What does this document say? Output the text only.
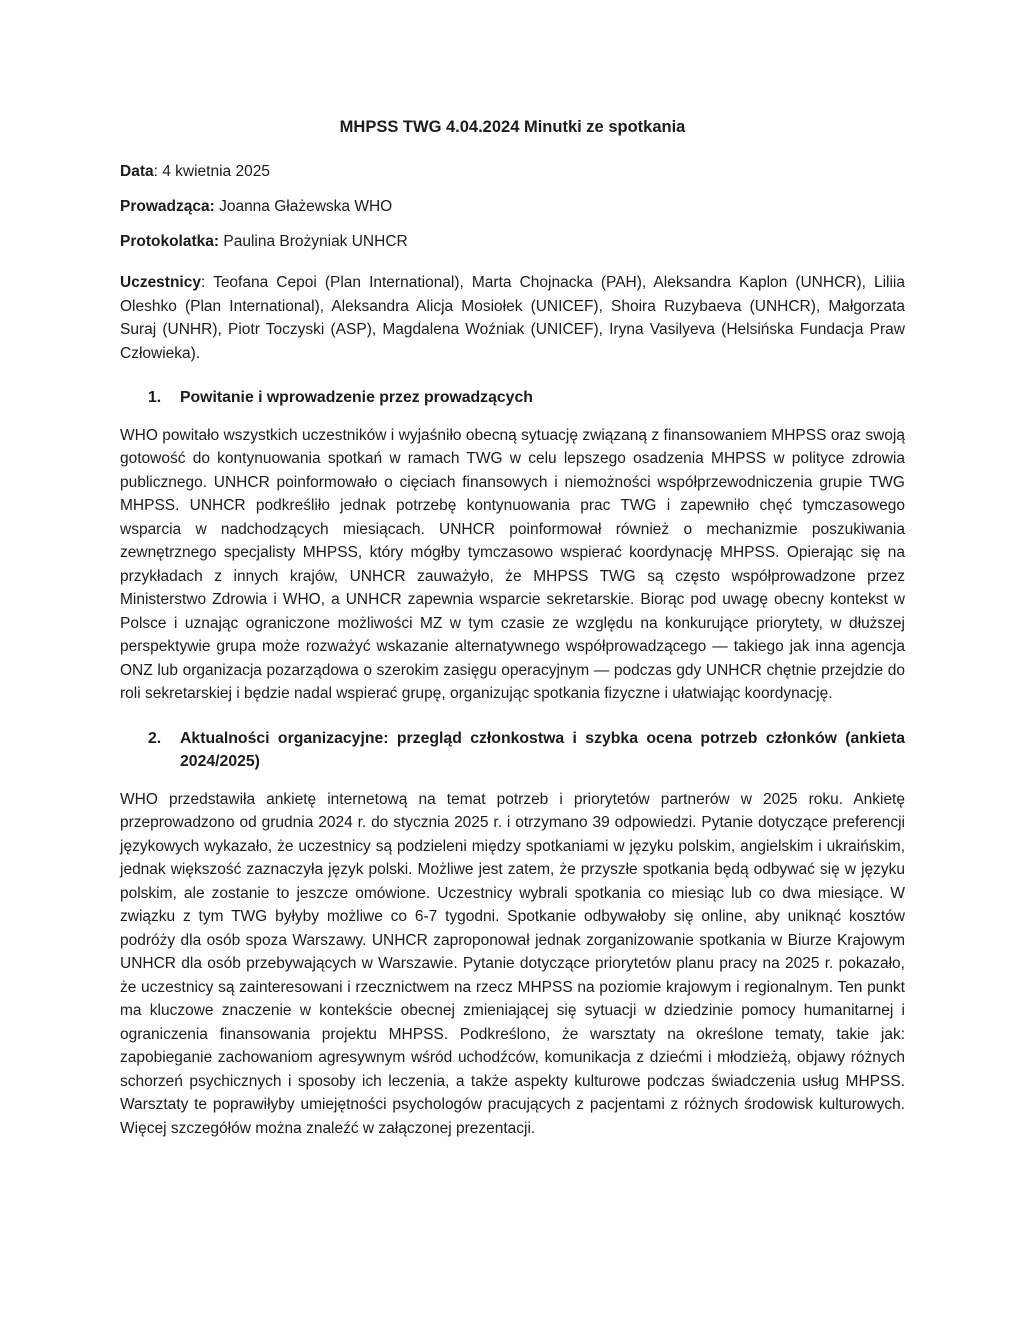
MHPSS TWG 4.04.2024 Minutki ze spotkania

Data: 4 kwietnia 2025

Prowadząca: Joanna Głażewska WHO

Protokolatka: Paulina Brożyniak UNHCR

Uczestnicy: Teofana Cepoi (Plan International), Marta Chojnacka (PAH), Aleksandra Kaplon (UNHCR), Liliia Oleshko (Plan International), Aleksandra Alicja Mosiołek (UNICEF), Shoira Ruzybaeva (UNHCR), Małgorzata Suraj (UNHR), Piotr Toczyski (ASP), Magdalena Woźniak (UNICEF), Iryna Vasilyeva (Helsińska Fundacja Praw Człowieka).

1.	Powitanie i wprowadzenie przez prowadzących

WHO powitało wszystkich uczestników i wyjaśniło obecną sytuację związaną z finansowaniem MHPSS oraz swoją gotowość do kontynuowania spotkań w ramach TWG w celu lepszego osadzenia MHPSS w polityce zdrowia publicznego. UNHCR poinformowało o cięciach finansowych i niemożności współprzewodniczenia grupie TWG MHPSS. UNHCR podkreśliło jednak potrzebę kontynuowania prac TWG i zapewniło chęć tymczasowego wsparcia w nadchodzących miesiącach. UNHCR poinformował również o mechanizmie poszukiwania zewnętrznego specjalisty MHPSS, który mógłby tymczasowo wspierać koordynację MHPSS. Opierając się na przykładach z innych krajów, UNHCR zauważyło, że MHPSS TWG są często współprowadzone przez Ministerstwo Zdrowia i WHO, a UNHCR zapewnia wsparcie sekretarskie. Biorąc pod uwagę obecny kontekst w Polsce i uznając ograniczone możliwości MZ w tym czasie ze względu na konkurujące priorytety, w dłuższej perspektywie grupa może rozważyć wskazanie alternatywnego współprowadzącego — takiego jak inna agencja ONZ lub organizacja pozarządowa o szerokim zasięgu operacyjnym — podczas gdy UNHCR chętnie przejdzie do roli sekretarskiej i będzie nadal wspierać grupę, organizując spotkania fizyczne i ułatwiając koordynację.

2.	Aktualności organizacyjne: przegląd członkostwa i szybka ocena potrzeb członków (ankieta 2024/2025)

WHO przedstawiła ankietę internetową na temat potrzeb i priorytetów partnerów w 2025 roku. Ankietę przeprowadzono od grudnia 2024 r. do stycznia 2025 r. i otrzymano 39 odpowiedzi. Pytanie dotyczące preferencji językowych wykazało, że uczestnicy są podzieleni między spotkaniami w języku polskim, angielskim i ukraińskim, jednak większość zaznaczyła język polski. Możliwe jest zatem, że przyszłe spotkania będą odbywać się w języku polskim, ale zostanie to jeszcze omówione. Uczestnicy wybrali spotkania co miesiąc lub co dwa miesiące. W związku z tym TWG byłyby możliwe co 6-7 tygodni. Spotkanie odbywałoby się online, aby uniknąć kosztów podróży dla osób spoza Warszawy. UNHCR zaproponował jednak zorganizowanie spotkania w Biurze Krajowym UNHCR dla osób przebywających w Warszawie. Pytanie dotyczące priorytetów planu pracy na 2025 r. pokazało, że uczestnicy są zainteresowani i rzecznictwem na rzecz MHPSS na poziomie krajowym i regionalnym. Ten punkt ma kluczowe znaczenie w kontekście obecnej zmieniającej się sytuacji w dziedzinie pomocy humanitarnej i ograniczenia finansowania projektu MHPSS. Podkreślono, że warsztaty na określone tematy, takie jak: zapobieganie zachowaniom agresywnym wśród uchodźców, komunikacja z dziećmi i młodzieżą, objawy różnych schorzeń psychicznych i sposoby ich leczenia, a także aspekty kulturowe podczas świadczenia usług MHPSS. Warsztaty te poprawiłyby umiejętności psychologów pracujących z pacjentami z różnych środowisk kulturowych. Więcej szczegółów można znaleźć w załączonej prezentacji.
